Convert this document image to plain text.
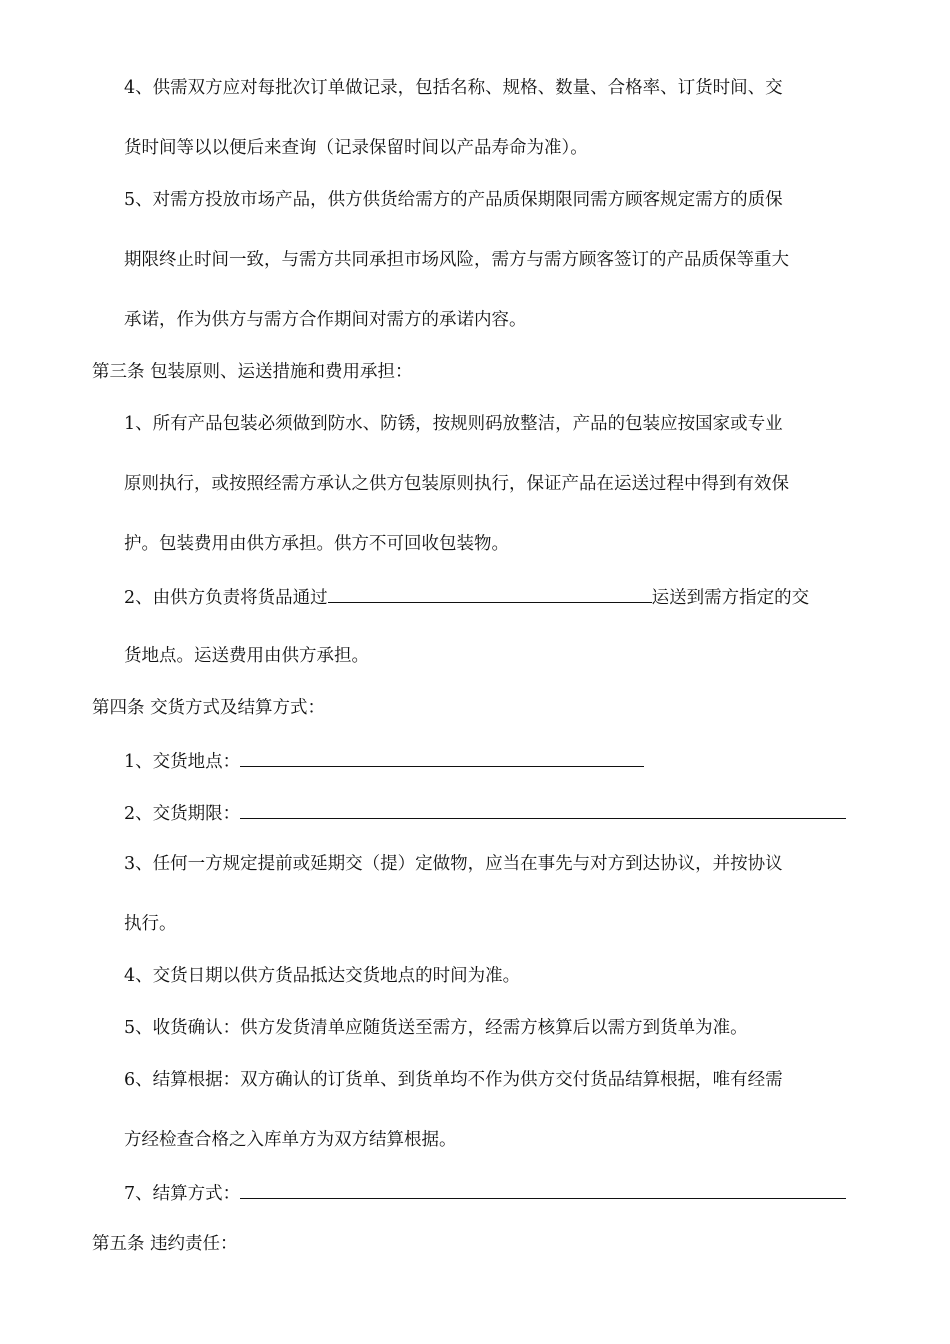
4、供需双方应对每批次订单做记录，包括名称、规格、数量、合格率、订货时间、交
货时间等以以便后来查询（记录保留时间以产品寿命为准）。
5、对需方投放市场产品，供方供货给需方的产品质保期限同需方顾客规定需方的质保
期限终止时间一致，与需方共同承担市场风险，需方与需方顾客签订的产品质保等重大
承诺，作为供方与需方合作期间对需方的承诺内容。
第三条 包装原则、运送措施和费用承担：
1、所有产品包装必须做到防水、防锈，按规则码放整洁，产品的包装应按国家或专业
原则执行，或按照经需方承认之供方包装原则执行，保证产品在运送过程中得到有效保
护。包装费用由供方承担。供方不可回收包装物。
2、由供方负责将货品通过	运送到需方指定的交
货地点。运送费用由供方承担。
第四条 交货方式及结算方式：
1、交货地点：
2、交货期限：
3、任何一方规定提前或延期交（提）定做物，应当在事先与对方到达协议，并按协议
执行。
4、交货日期以供方货品抵达交货地点的时间为准。
5、收货确认：供方发货清单应随货送至需方，经需方核算后以需方到货单为准。
6、结算根据：双方确认的订货单、到货单均不作为供方交付货品结算根据，唯有经需
方经检查合格之入库单方为双方结算根据。
7、结算方式：
第五条 违约责任：
